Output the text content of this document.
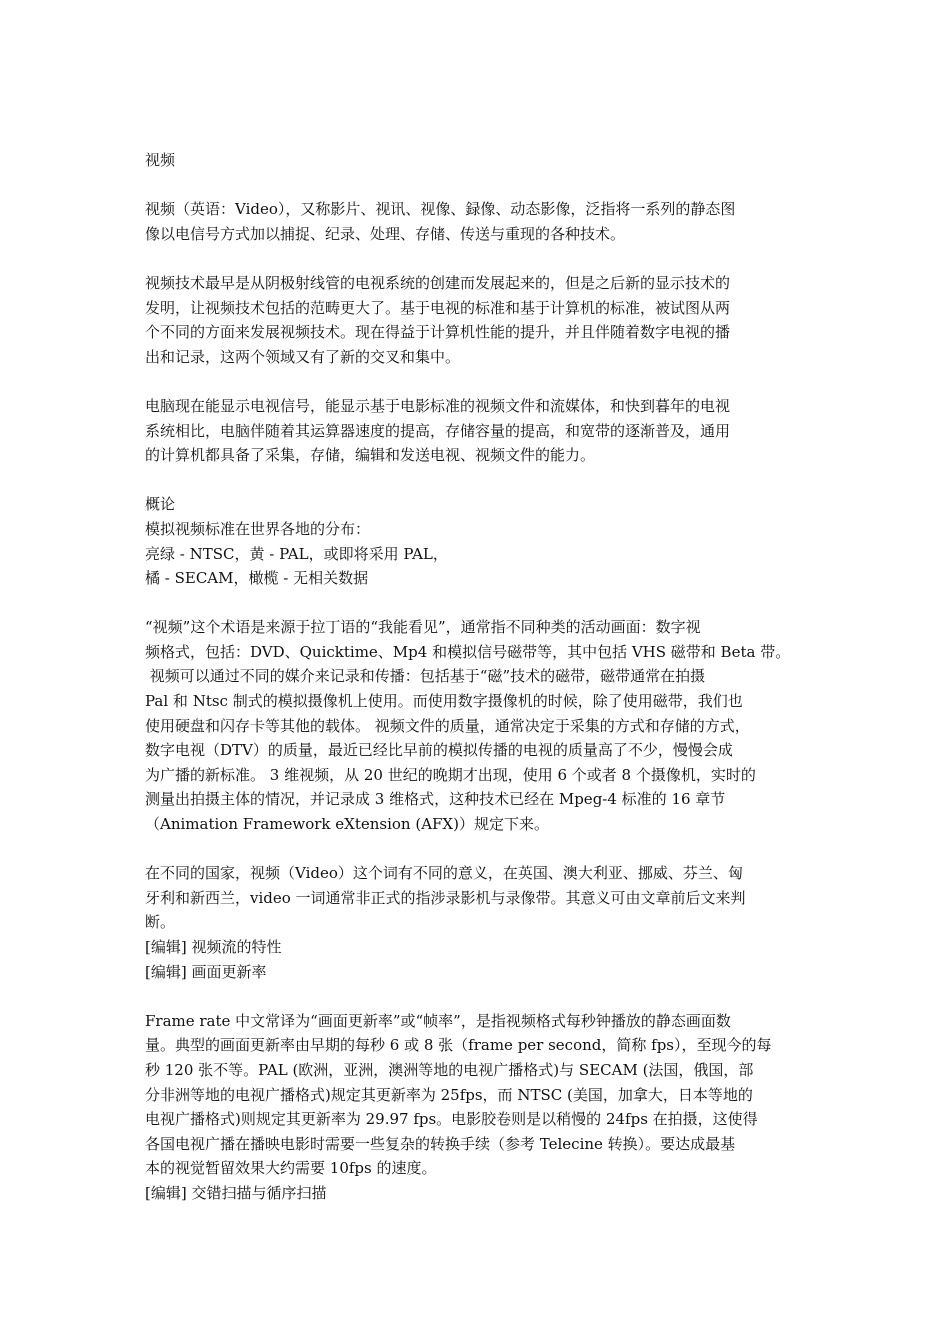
视频
视频（英语：Video），又称影片、视讯、视像、録像、动态影像，泛指将一系列的静态图
像以电信号方式加以捕捉、纪录、处理、存储、传送与重现的各种技术。
视频技术最早是从阴极射线管的电视系统的创建而发展起来的，但是之后新的显示技术的
发明，让视频技术包括的范畴更大了。基于电视的标准和基于计算机的标准，被试图从两
个不同的方面来发展视频技术。现在得益于计算机性能的提升，并且伴随着数字电视的播
出和记录，这两个领域又有了新的交叉和集中。
电脑现在能显示电视信号，能显示基于电影标准的视频文件和流媒体，和快到暮年的电视
系统相比，电脑伴随着其运算器速度的提高，存储容量的提高，和宽带的逐渐普及，通用
的计算机都具备了采集，存储，编辑和发送电视、视频文件的能力。
概论
模拟视频标准在世界各地的分布：
亮绿 - NTSC，黄 - PAL，或即将采用 PAL，
橘 - SECAM，橄榄 - 无相关数据
“视频”这个术语是来源于拉丁语的“我能看见”，通常指不同种类的活动画面：数字视
频格式，包括：DVD、Quicktime、Mp4 和模拟信号磁带等，其中包括 VHS 磁带和 Beta 带。
视频可以通过不同的媒介来记录和传播：包括基于“磁”技术的磁带，磁带通常在拍摄
Pal 和 Ntsc 制式的模拟摄像机上使用。而使用数字摄像机的时候，除了使用磁带，我们也
使用硬盘和闪存卡等其他的载体。 视频文件的质量，通常决定于采集的方式和存储的方式，
数字电视（DTV）的质量，最近已经比早前的模拟传播的电视的质量高了不少，慢慢会成
为广播的新标准。 3 维视频，从 20 世纪的晚期才出现，使用 6 个或者 8 个摄像机，实时的
测量出拍摄主体的情况，并记录成 3 维格式，这种技术已经在 Mpeg-4 标准的 16 章节
（Animation Framework eXtension (AFX)）规定下来。
在不同的国家，视频（Video）这个词有不同的意义，在英国、澳大利亚、挪威、芬兰、匈
牙利和新西兰，video 一词通常非正式的指涉录影机与录像带。其意义可由文章前后文来判
断。
[编辑] 视频流的特性
[编辑] 画面更新率
Frame rate 中文常译为“画面更新率”或“帧率”，是指视频格式每秒钟播放的静态画面数
量。典型的画面更新率由早期的每秒 6 或 8 张（frame per second，简称 fps），至现今的每
秒 120 张不等。PAL (欧洲，亚洲，澳洲等地的电视广播格式)与 SECAM (法国，俄国，部
分非洲等地的电视广播格式)规定其更新率为 25fps，而 NTSC (美国，加拿大，日本等地的
电视广播格式)则规定其更新率为 29.97 fps。电影胶卷则是以稍慢的 24fps 在拍摄，这使得
各国电视广播在播映电影时需要一些复杂的转换手续（参考 Telecine 转换）。要达成最基
本的视觉暂留效果大约需要 10fps 的速度。
[编辑] 交错扫描与循序扫描
